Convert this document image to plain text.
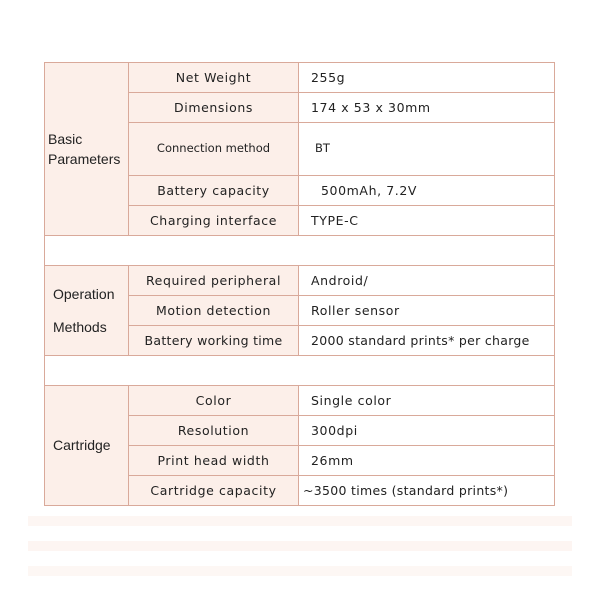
Basic
Parameters	Net Weight	255g
	Dimensions	174 x 53 x 30mm
	Connection method	BT
	Battery capacity	500mAh, 7.2V
	Charging interface	TYPE-C

Operation
Methods	Required peripheral	Android/
	Motion detection	Roller sensor
	Battery working time	2000 standard prints* per charge

Cartridge	Color	Single color
	Resolution	300dpi
	Print head width	26mm
	Cartridge capacity	~3500 times (standard prints*)
